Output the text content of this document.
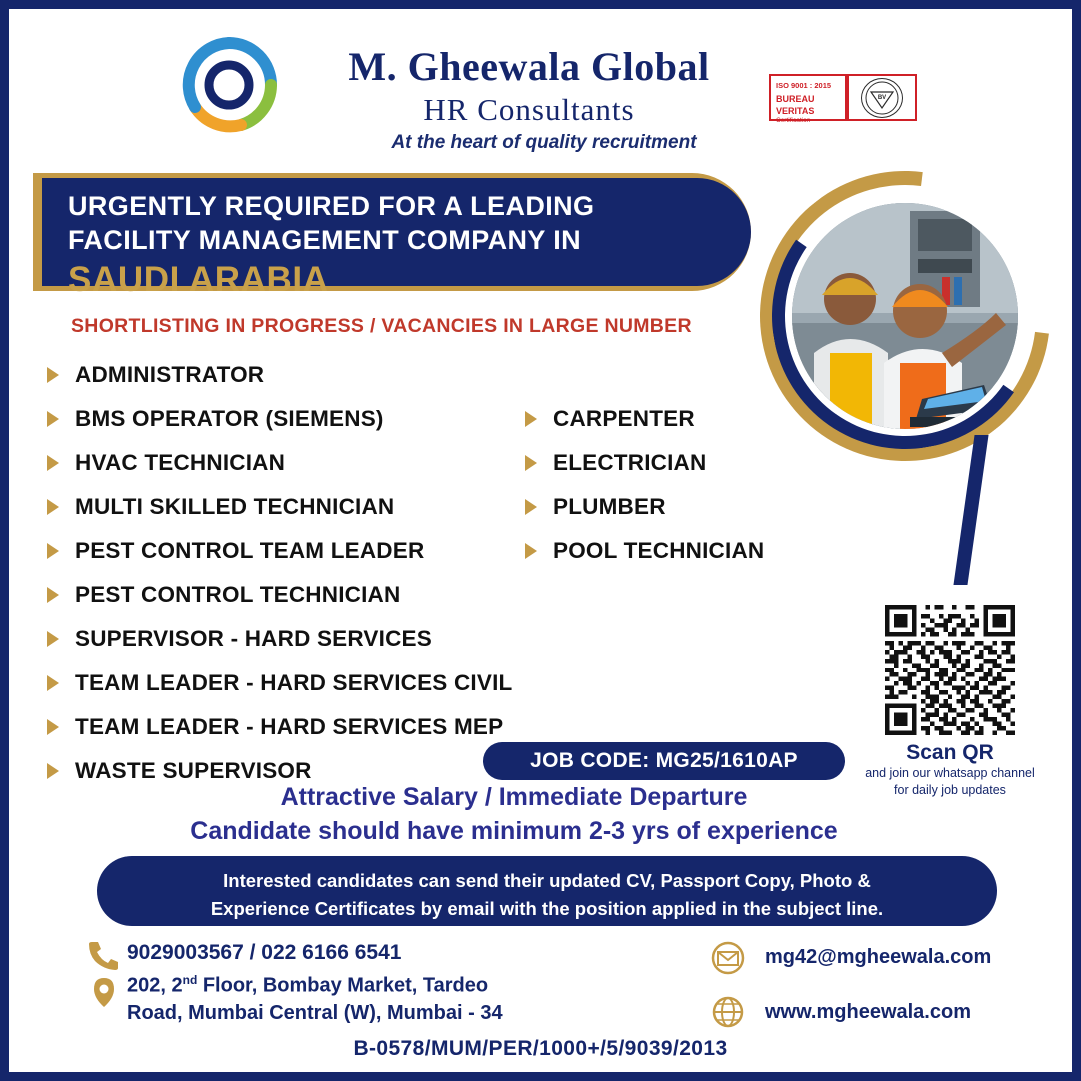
M. Gheewala Global
HR Consultants
At the heart of quality recruitment
ISO 9001 : 2015
BUREAU VERITAS
Certification
BV
URGENTLY REQUIRED FOR A LEADING
FACILITY MANAGEMENT COMPANY IN
SAUDI ARABIA
SHORTLISTING IN PROGRESS / VACANCIES IN LARGE NUMBER
ADMINISTRATOR
BMS OPERATOR (SIEMENS)
HVAC TECHNICIAN
MULTI SKILLED TECHNICIAN
PEST CONTROL TEAM LEADER
PEST CONTROL TECHNICIAN
SUPERVISOR - HARD SERVICES
TEAM LEADER - HARD SERVICES CIVIL
TEAM LEADER - HARD SERVICES MEP
WASTE SUPERVISOR
CARPENTER
ELECTRICIAN
PLUMBER
POOL TECHNICIAN
Scan QR
and join our whatsapp channel
for daily job updates
JOB CODE: MG25/1610AP
Attractive Salary / Immediate Departure
Candidate should have minimum 2-3 yrs of experience
Interested candidates can send their updated CV, Passport Copy, Photo &
Experience Certificates by email with the position applied in the subject line.
9029003567 / 022 6166 6541
202, 2nd Floor, Bombay Market, Tardeo
Road, Mumbai Central (W), Mumbai - 34
mg42@mgheewala.com
www.mgheewala.com
B-0578/MUM/PER/1000+/5/9039/2013
